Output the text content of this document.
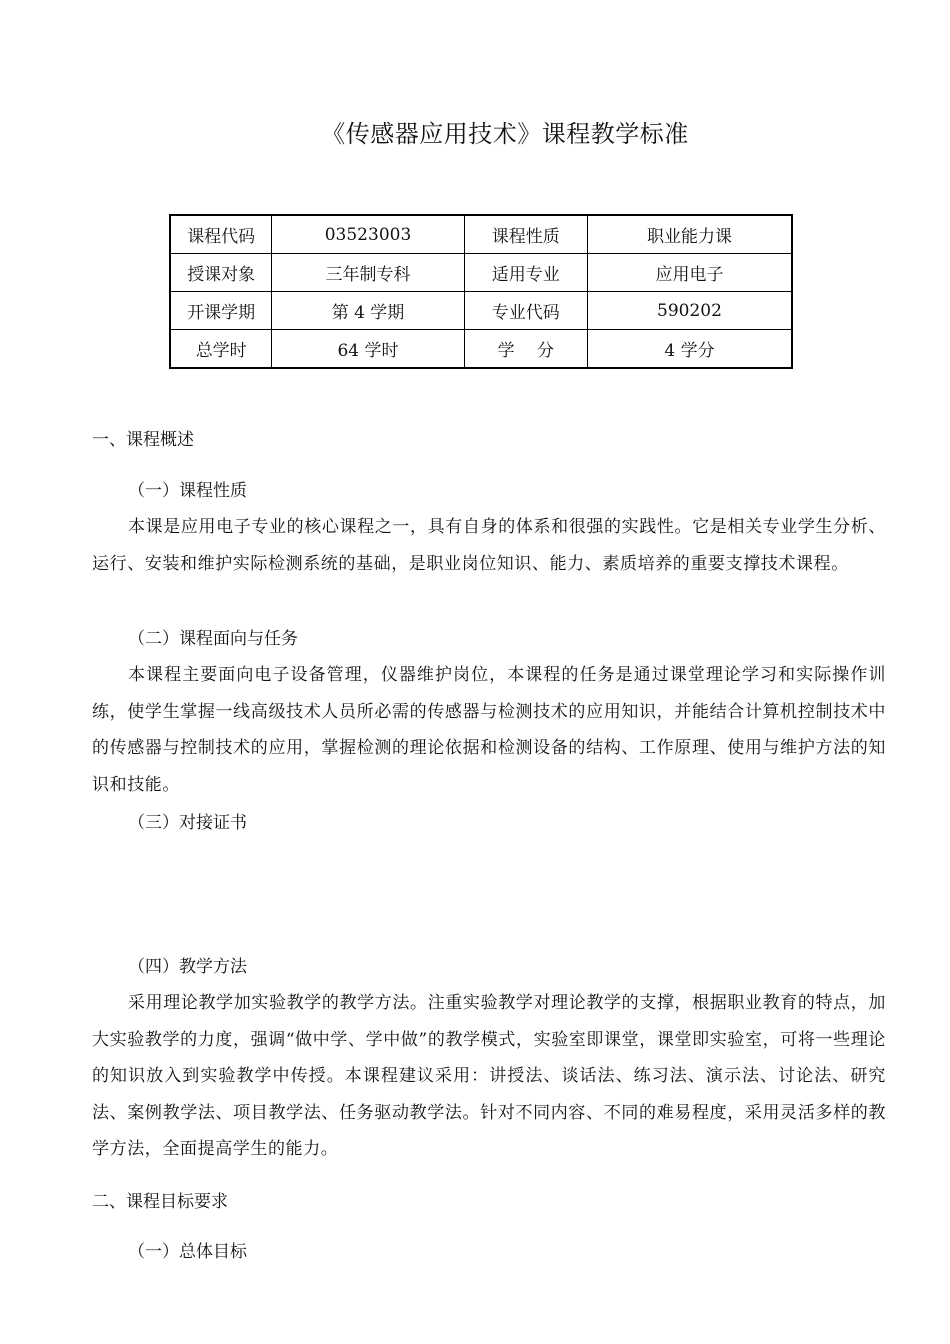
《传感器应用技术》课程教学标准
课程代码	03523003	课程性质	职业能力课
授课对象	三年制专科	适用专业	应用电子
开课学期	第 4 学期	专业代码	590202
总学时	64 学时	学　 分	4 学分
一、课程概述
（一）课程性质

本课是应用电子专业的核心课程之一，具有自身的体系和很强的实践性。它是相关专业学生分析、运行、安装和维护实际检测系统的基础，是职业岗位知识、能力、素质培养的重要支撑技术课程。

（二）课程面向与任务

本课程主要面向电子设备管理，仪器维护岗位，本课程的任务是通过课堂理论学习和实际操作训练，使学生掌握一线高级技术人员所必需的传感器与检测技术的应用知识，并能结合计算机控制技术中的传感器与控制技术的应用，掌握检测的理论依据和检测设备的结构、工作原理、使用与维护方法的知识和技能。

（三）对接证书
（四）教学方法

采用理论教学加实验教学的教学方法。注重实验教学对理论教学的支撑，根据职业教育的特点，加大实验教学的力度，强调“做中学、学中做”的教学模式，实验室即课堂，课堂即实验室，可将一些理论的知识放入到实验教学中传授。本课程建议采用：讲授法、谈话法、练习法、演示法、讨论法、研究法、案例教学法、项目教学法、任务驱动教学法。针对不同内容、不同的难易程度，采用灵活多样的教学方法，全面提高学生的能力。

二、课程目标要求
（一）总体目标
